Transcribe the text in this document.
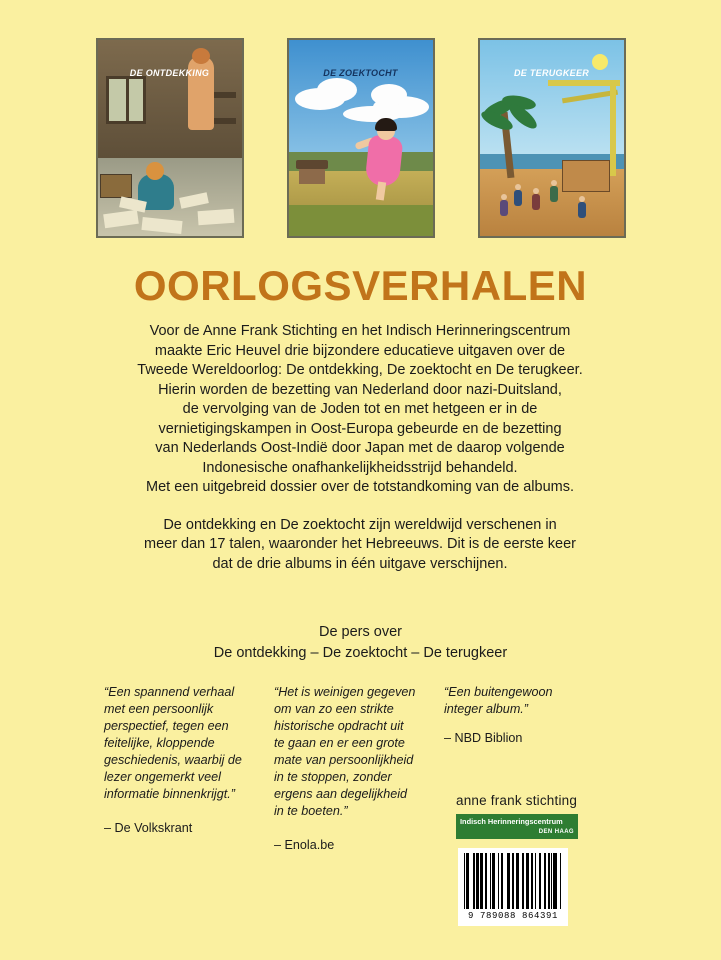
DE ONTDEKKING	DE ZOEKTOCHT	DE TERUGKEER
OORLOGSVERHALEN

Voor de Anne Frank Stichting en het Indisch Herinneringscentrum
maakte Eric Heuvel drie bijzondere educatieve uitgaven over de
Tweede Wereldoorlog: De ontdekking, De zoektocht en De terugkeer.
Hierin worden de bezetting van Nederland door nazi-Duitsland,
de vervolging van de Joden tot en met hetgeen er in de
vernietigingskampen in Oost-Europa gebeurde en de bezetting
van Nederlands Oost-Indië door Japan met de daarop volgende
Indonesische onafhankelijkheidsstrijd behandeld.
Met een uitgebreid dossier over de totstandkoming van de albums.

De ontdekking en De zoektocht zijn wereldwijd verschenen in
meer dan 17 talen, waaronder het Hebreeuws. Dit is de eerste keer
dat de drie albums in één uitgave verschijnen.

De pers over
De ontdekking – De zoektocht – De terugkeer
“Een spannend verhaal met een persoonlijk perspectief, tegen een feitelijke, kloppende geschiedenis, waarbij de lezer ongemerkt veel informatie binnenkrijgt.”
– De Volkskrant
“Het is weinigen gegeven om van zo een strikte historische opdracht uit te gaan en er een grote mate van persoonlijkheid in te stoppen, zonder ergens aan degelijkheid in te boeten.”
– Enola.be
“Een buitengewoon integer album.”
– NBD Biblion
anne frank stichting
Indisch Herinneringscentrum
DEN HAAG
9 789088 864391
